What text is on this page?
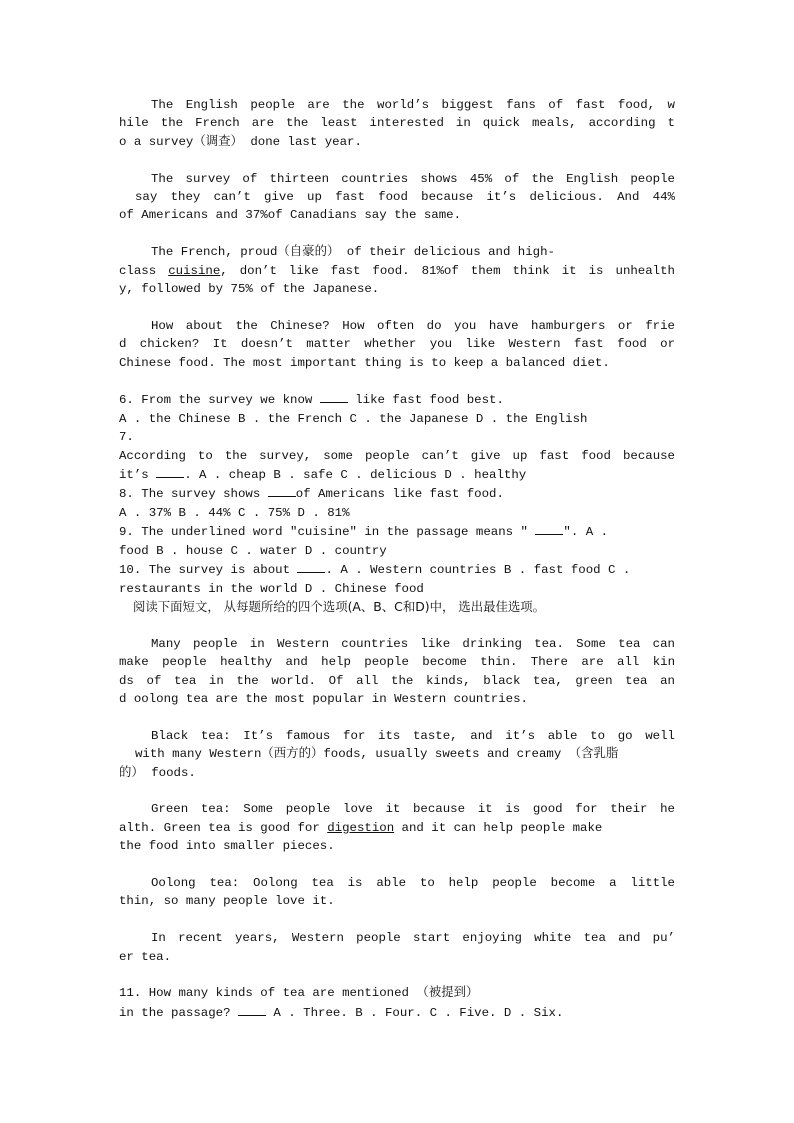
The English people are the world’s biggest fans of fast food, w
hile the French are the least interested in quick meals, according t
o a survey（调查） done last year.
The survey of thirteen countries shows 45% of the English people
say they can’t give up fast food because it’s delicious. And 44%
of Americans and 37%of Canadians say the same.
The French, proud（自豪的） of their delicious and high-
class cuisine, don’t like fast food. 81%of them think it is unhealth
y, followed by 75% of the Japanese.
How about the Chinese? How often do you have hamburgers or frie
d chicken? It doesn’t matter whether you like Western fast food or
Chinese food. The most important thing is to keep a balanced diet.
6. From the survey we know	like fast food best.
A . the Chinese B . the French C . the Japanese D . the English
7.
According to the survey, some people can’t give up fast food because
it’s	. A . cheap B . safe C . delicious D . healthy
8. The survey shows	of Americans like fast food.
A . 37% B . 44% C . 75% D . 81%
9. The underlined word "cuisine" in the passage means "	". A .
food B . house C . water D . country
10. The survey is about	. A . Western countries B . fast food C .
restaurants in the world D . Chinese food
阅读下面短文， 从每题所给的四个选项(A、B、C和D)中， 选出最佳选项。
Many people in Western countries like drinking tea. Some tea can
make people healthy and help people become thin. There are all kin
ds of tea in the world. Of all the kinds, black tea, green tea an
d oolong tea are the most popular in Western countries.
Black tea: It’s famous for its taste, and it’s able to go well
with many Western（西方的）foods, usually sweets and creamy （含乳脂
的） foods.
Green tea: Some people love it because it is good for their he
alth. Green tea is good for digestion and it can help people make
the food into smaller pieces.
Oolong tea: Oolong tea is able to help people become a little
thin, so many people love it.
In recent years, Western people start enjoying white tea and pu’
er tea.
11. How many kinds of tea are mentioned （被提到）
in the passage?	A . Three. B . Four. C . Five. D . Six.
